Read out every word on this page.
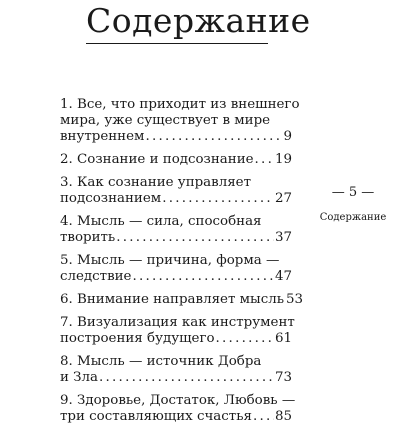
Содержание
1. Все, что приходит из внешнего
мира, уже существует в мире
внутреннем . . .	9
2. Сознание и подсознание . . . 19
3. Как сознание управляет
подсознанием . . .	27
4. Мысль — сила, способная
творить . . .	37
5. Мысль — причина, форма —
следствие . . .	47
6. Внимание направляет мысль 53
7. Визуализация как инструмент
построения будущего . . .	61
8. Мысль — источник Добра
и Зла . . .	73
9. Здоровье, Достаток, Любовь —
три составляющих счастья . . . 85
— 5 —
Содержание
